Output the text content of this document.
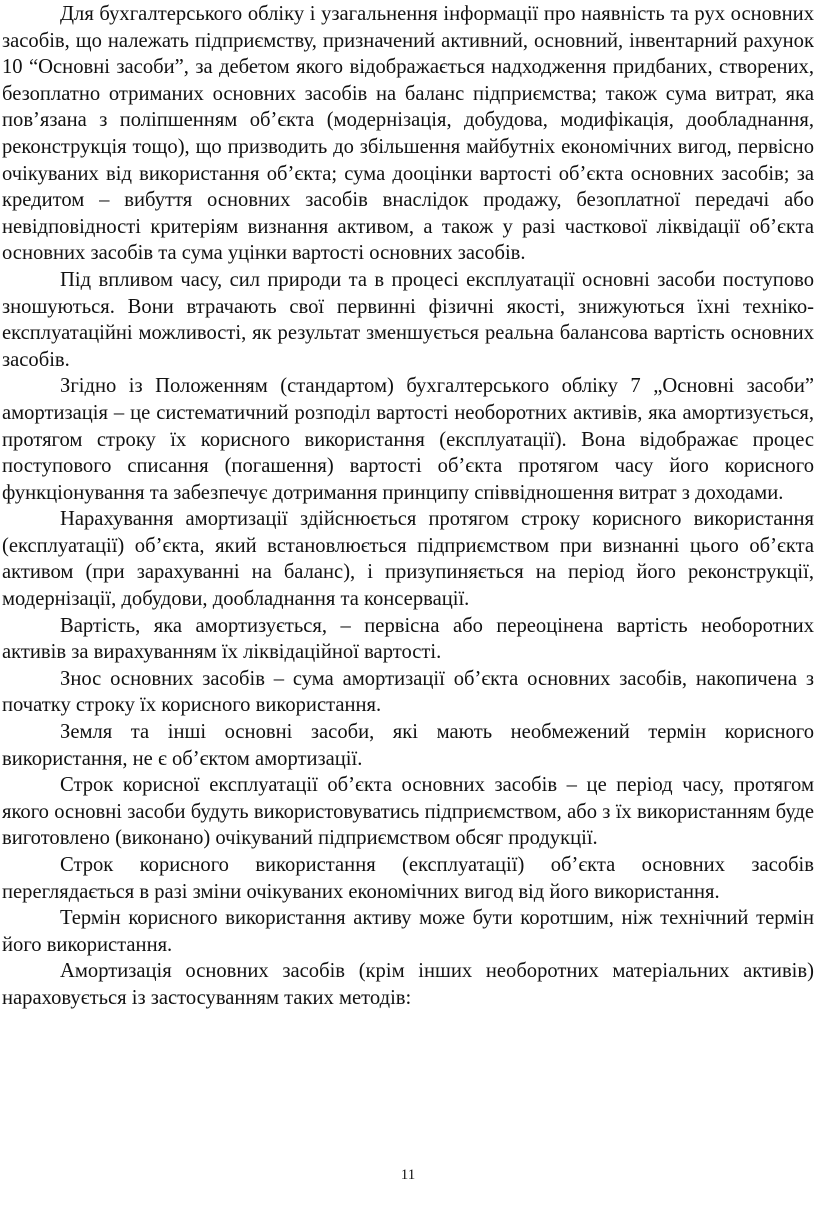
Для бухгалтерського обліку і узагальнення інформації про наявність та рух основних засобів, що належать підприємству, призначений активний, основний, інвентарний рахунок 10 “Основні засоби”, за дебетом якого відображається надходження придбаних, створених, безоплатно отриманих основних засобів на баланс підприємства; також сума витрат, яка пов’язана з поліпшенням об’єкта (модернізація, добудова, модифікація, дообладнання, реконструкція тощо), що призводить до збільшення майбутніх економічних вигод, первісно очікуваних від використання об’єкта; сума дооцінки вартості об’єкта основних засобів; за кредитом – вибуття основних засобів внаслідок продажу, безоплатної передачі або невідповідності критеріям визнання активом, а також у разі часткової ліквідації об’єкта основних засобів та сума уцінки вартості основних засобів.

Під впливом часу, сил природи та в процесі експлуатації основні засоби поступово зношуються. Вони втрачають свої первинні фізичні якості, знижуються їхні техніко-експлуатаційні можливості, як результат зменшується реальна балансова вартість основних засобів.

Згідно із Положенням (стандартом) бухгалтерського обліку 7 „Основні засоби” амортизація – це систематичний розподіл вартості необоротних активів, яка амортизується, протягом строку їх корисного використання (експлуатації). Вона відображає процес поступового списання (погашення) вартості об’єкта протягом часу його корисного функціонування та забезпечує дотримання принципу співвідношення витрат з доходами.

Нарахування амортизації здійснюється протягом строку корисного використання (експлуатації) об’єкта, який встановлюється підприємством при визнанні цього об’єкта активом (при зарахуванні на баланс), і призупиняється на період його реконструкції, модернізації, добудови, дообладнання та консервації.

Вартість, яка амортизується, – первісна або переоцінена вартість необоротних активів за вирахуванням їх ліквідаційної вартості.

Знос основних засобів – сума амортизації об’єкта основних засобів, накопичена з початку строку їх корисного використання.

Земля та інші основні засоби, які мають необмежений термін корисного використання, не є об’єктом амортизації.

Строк корисної експлуатації об’єкта основних засобів – це період часу, протягом якого основні засоби будуть використовуватись підприємством, або з їх використанням буде виготовлено (виконано) очікуваний підприємством обсяг продукції.

Строк корисного використання (експлуатації) об’єкта основних засобів переглядається в разі зміни очікуваних економічних вигод від його використання.

Термін корисного використання активу може бути коротшим, ніж технічний термін його використання.

Амортизація основних засобів (крім інших необоротних матеріальних активів) нараховується із застосуванням таких методів:

11
